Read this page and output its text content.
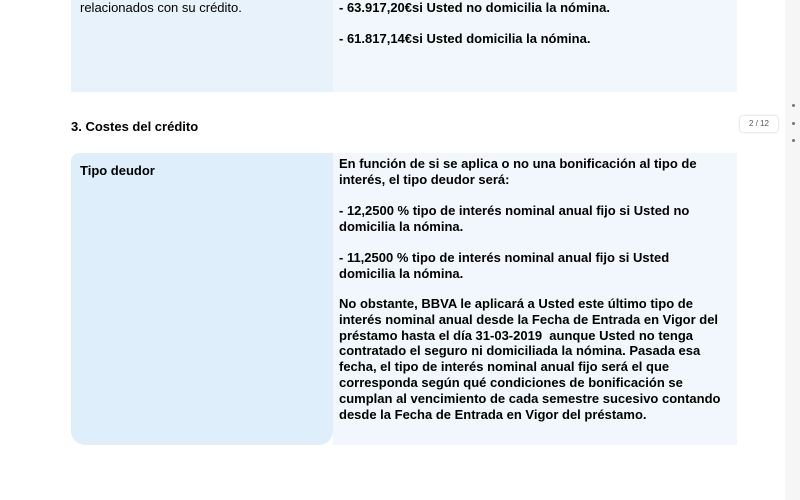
relacionados con su crédito.	- 63.917,20€si Usted no domicilia la nómina.
- 61.817,14€si Usted domicilia la nómina.
3. Costes del crédito
Tipo deudor	En función de si se aplica o no una bonificación al tipo de interés, el tipo deudor será:
- 12,2500 % tipo de interés nominal anual fijo si Usted no domicilia la nómina.
- 11,2500 % tipo de interés nominal anual fijo si Usted domicilia la nómina.
No obstante, BBVA le aplicará a Usted este último tipo de interés nominal anual desde la Fecha de Entrada en Vigor del préstamo hasta el día 31-03-2019  aunque Usted no tenga contratado el seguro ni domiciliada la nómina. Pasada esa fecha, el tipo de interés nominal anual fijo será el que corresponda según qué condiciones de bonificación se cumplan al vencimiento de cada semestre sucesivo contando desde la Fecha de Entrada en Vigor del préstamo.
2 / 12
